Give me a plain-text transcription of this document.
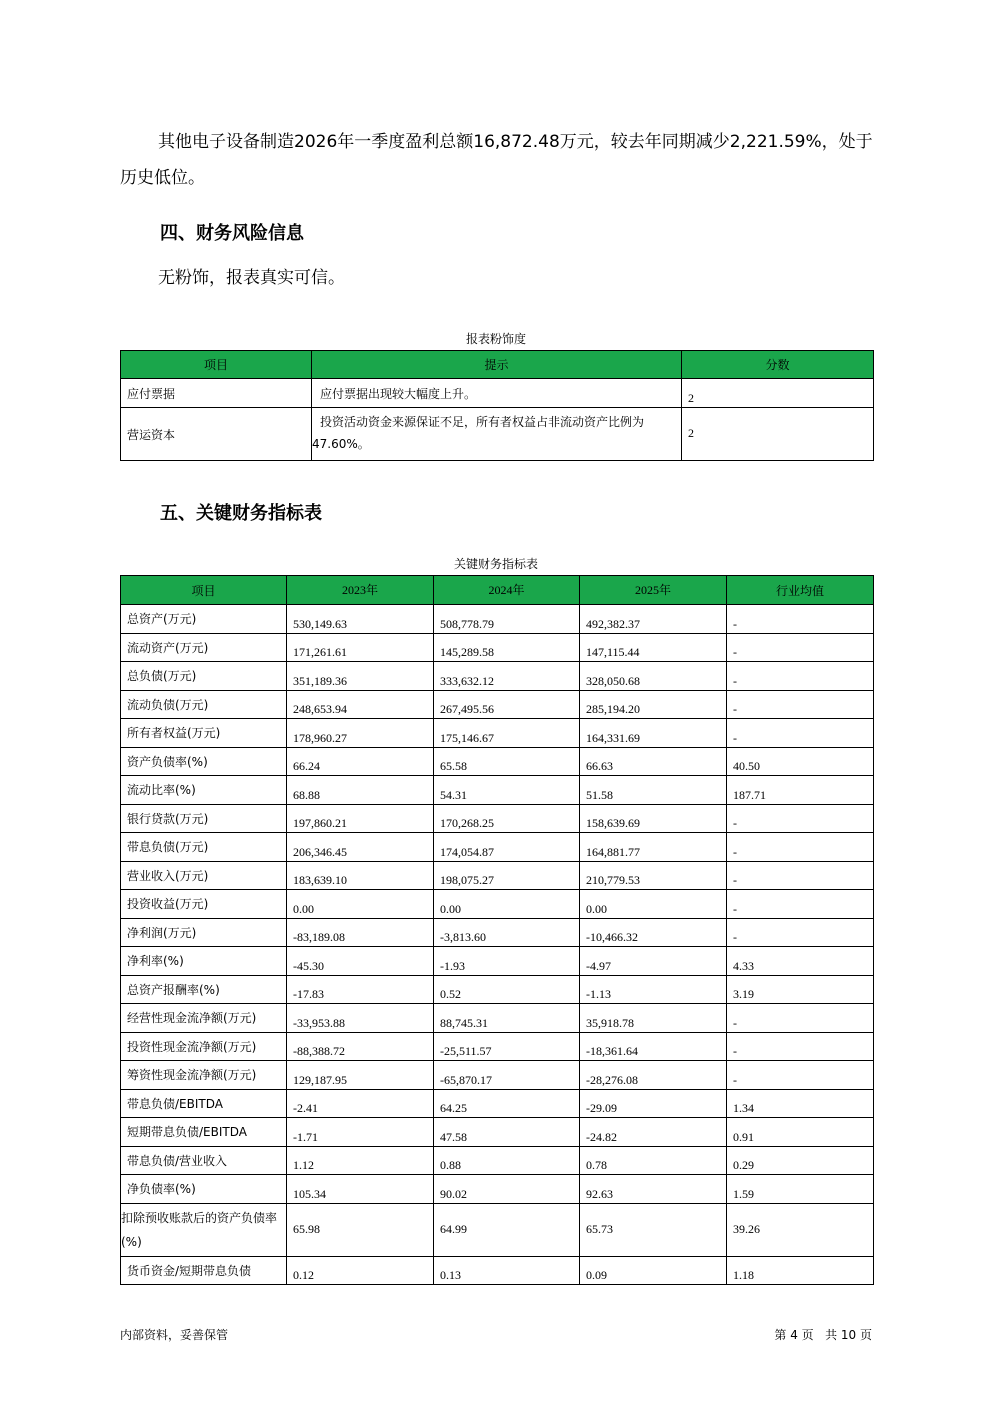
其他电子设备制造2026年一季度盈利总额16,872.48万元，较去年同期减少2,221.59%，处于历史低位。
四、财务风险信息
无粉饰，报表真实可信。
报表粉饰度
项目	提示	分数
应付票据	应付票据出现较大幅度上升。	2
营运资本	投资活动资金来源保证不足，所有者权益占非流动资产比例为47.60%。	2
五、关键财务指标表
关键财务指标表
项目	2023年	2024年	2025年	行业均值
总资产(万元)	530,149.63	508,778.79	492,382.37	-
流动资产(万元)	171,261.61	145,289.58	147,115.44	-
总负债(万元)	351,189.36	333,632.12	328,050.68	-
流动负债(万元)	248,653.94	267,495.56	285,194.20	-
所有者权益(万元)	178,960.27	175,146.67	164,331.69	-
资产负债率(%)	66.24	65.58	66.63	40.50
流动比率(%)	68.88	54.31	51.58	187.71
银行贷款(万元)	197,860.21	170,268.25	158,639.69	-
带息负债(万元)	206,346.45	174,054.87	164,881.77	-
营业收入(万元)	183,639.10	198,075.27	210,779.53	-
投资收益(万元)	0.00	0.00	0.00	-
净利润(万元)	-83,189.08	-3,813.60	-10,466.32	-
净利率(%)	-45.30	-1.93	-4.97	4.33
总资产报酬率(%)	-17.83	0.52	-1.13	3.19
经营性现金流净额(万元)	-33,953.88	88,745.31	35,918.78	-
投资性现金流净额(万元)	-88,388.72	-25,511.57	-18,361.64	-
筹资性现金流净额(万元)	129,187.95	-65,870.17	-28,276.08	-
带息负债/EBITDA	-2.41	64.25	-29.09	1.34
短期带息负债/EBITDA	-1.71	47.58	-24.82	0.91
带息负债/营业收入	1.12	0.88	0.78	0.29
净负债率(%)	105.34	90.02	92.63	1.59
扣除预收账款后的资产负债率(%)	65.98	64.99	65.73	39.26
货币资金/短期带息负债	0.12	0.13	0.09	1.18
内部资料，妥善保管	第 4 页   共 10 页
